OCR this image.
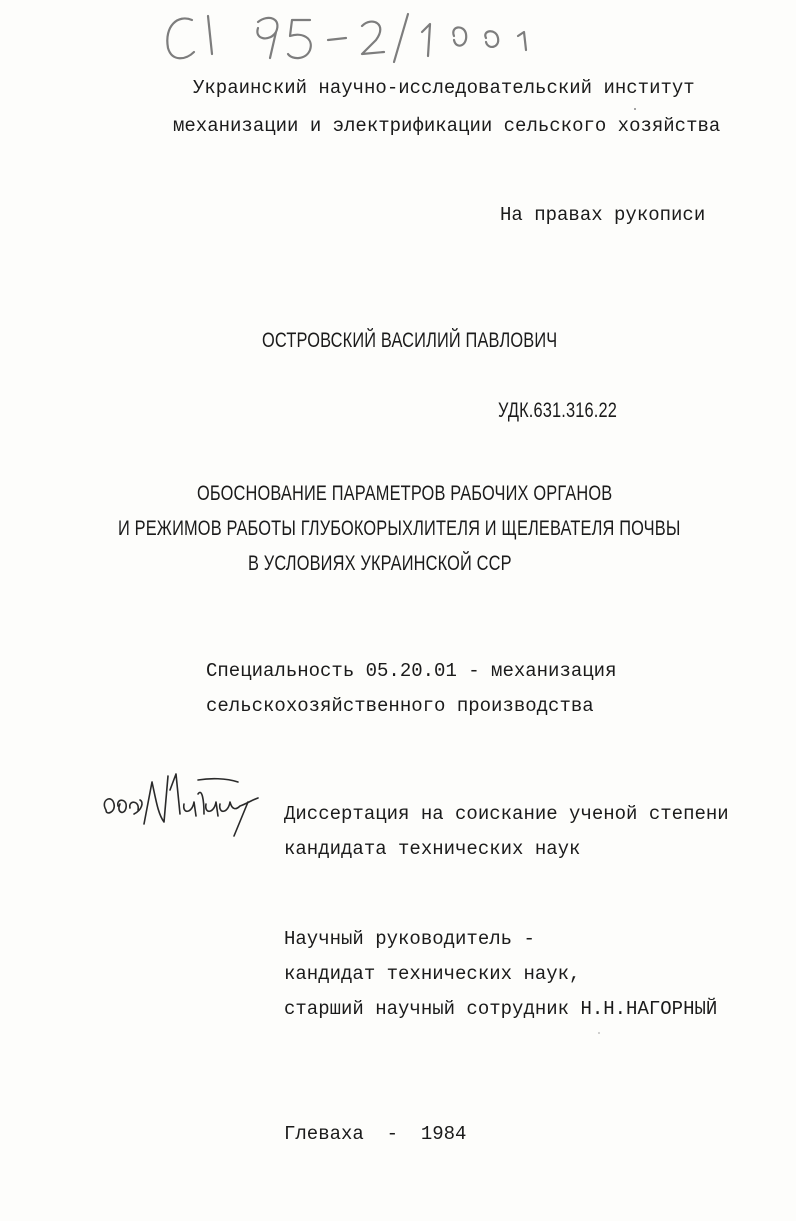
Украинский научно-исследовательский институт
механизации и электрификации сельского хозяйства
На правах рукописи
ОСТРОВСКИЙ ВАСИЛИЙ ПАВЛОВИЧ
УДК.631.316.22
ОБОСНОВАНИЕ ПАРАМЕТРОВ РАБОЧИХ ОРГАНОВ
И РЕЖИМОВ РАБОТЫ ГЛУБОКОРЫХЛИТЕЛЯ И ЩЕЛЕВАТЕЛЯ ПОЧВЫ
В УСЛОВИЯХ УКРАИНСКОЙ ССР
Специальность 05.20.01 - механизация
сельскохозяйственного производства
Диссертация на соискание ученой степени
кандидата технических наук
Научный руководитель -
кандидат технических наук,
старший научный сотрудник Н.Н.НАГОРНЫЙ
Глеваха  -  1984
